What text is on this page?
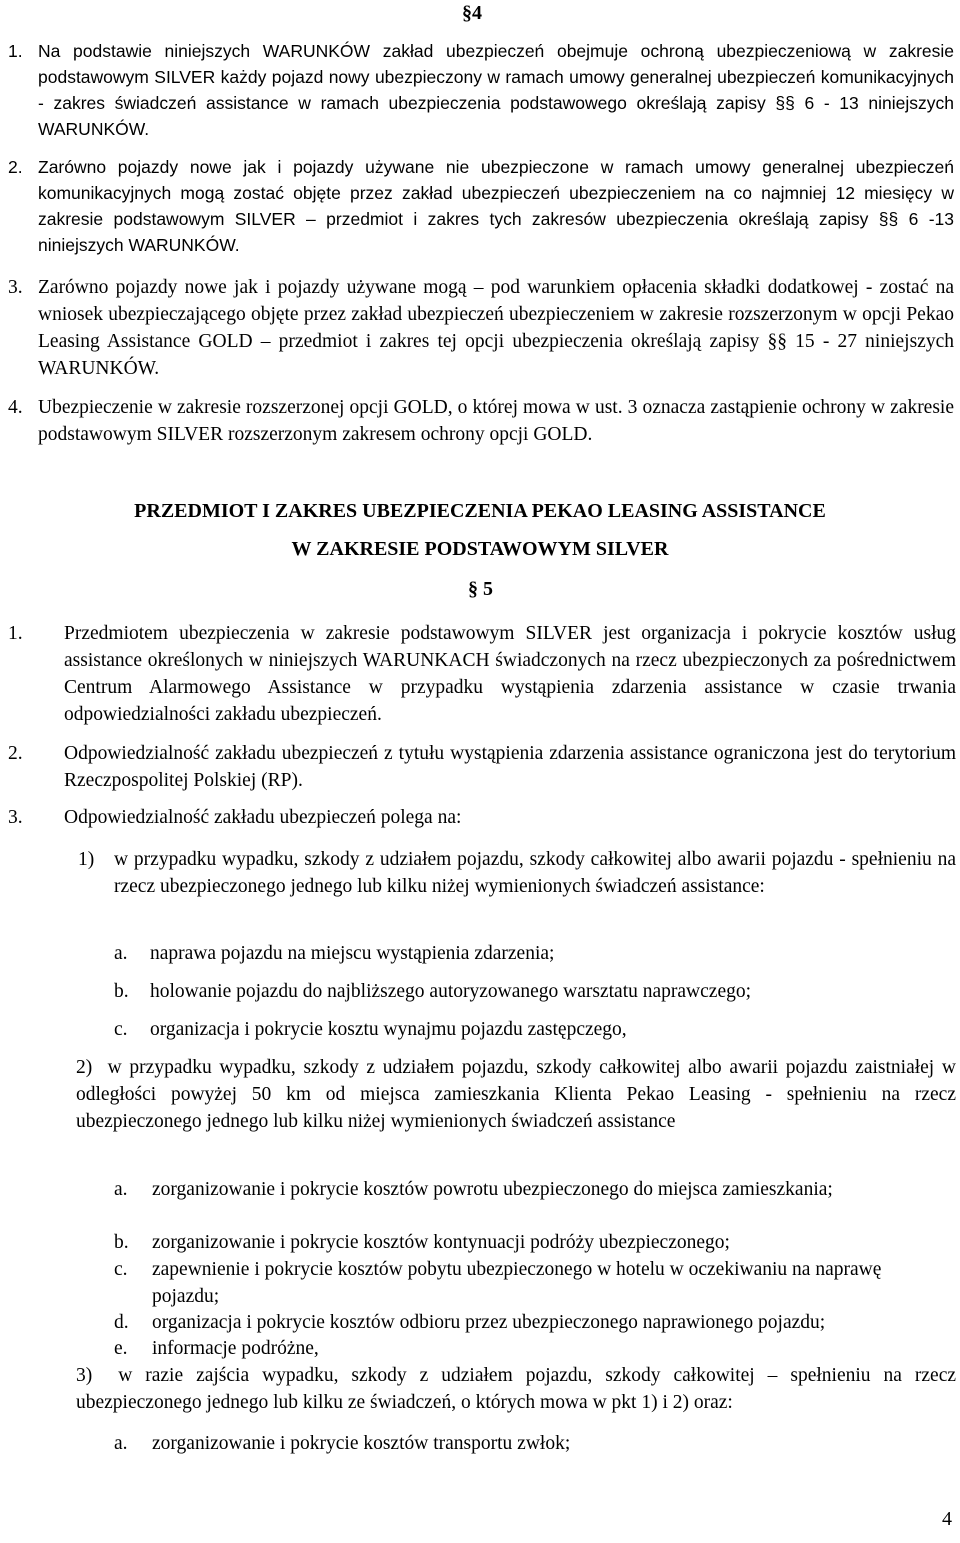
§4
1. Na podstawie niniejszych WARUNKÓW zakład ubezpieczeń obejmuje ochroną ubezpieczeniową w zakresie podstawowym SILVER każdy pojazd nowy ubezpieczony w ramach umowy generalnej ubezpieczeń komunikacyjnych - zakres świadczeń assistance w ramach ubezpieczenia podstawowego określają zapisy §§ 6 - 13 niniejszych WARUNKÓW.
2. Zarówno pojazdy nowe jak i pojazdy używane nie ubezpieczone w ramach umowy generalnej ubezpieczeń komunikacyjnych mogą zostać objęte przez zakład ubezpieczeń ubezpieczeniem na co najmniej 12 miesięcy w zakresie podstawowym SILVER – przedmiot i zakres tych zakresów ubezpieczenia określają zapisy §§ 6 -13 niniejszych WARUNKÓW.
3. Zarówno pojazdy nowe jak i pojazdy używane mogą – pod warunkiem opłacenia składki dodatkowej - zostać na wniosek ubezpieczającego objęte przez zakład ubezpieczeń ubezpieczeniem w zakresie rozszerzonym w opcji Pekao Leasing Assistance GOLD – przedmiot i zakres tej opcji ubezpieczenia określają zapisy §§ 15 - 27 niniejszych WARUNKÓW.
4. Ubezpieczenie w zakresie rozszerzonej opcji GOLD, o której mowa w ust. 3 oznacza zastąpienie ochrony w zakresie podstawowym SILVER rozszerzonym zakresem ochrony opcji GOLD.
PRZEDMIOT I ZAKRES UBEZPIECZENIA PEKAO LEASING ASSISTANCE
W ZAKRESIE PODSTAWOWYM SILVER
§ 5
1. Przedmiotem ubezpieczenia w zakresie podstawowym SILVER jest organizacja i pokrycie kosztów usług assistance określonych w niniejszych WARUNKACH świadczonych na rzecz ubezpieczonych za pośrednictwem Centrum Alarmowego Assistance w przypadku wystąpienia zdarzenia assistance w czasie trwania odpowiedzialności zakładu ubezpieczeń.
2. Odpowiedzialność zakładu ubezpieczeń z tytułu wystąpienia zdarzenia assistance ograniczona jest do terytorium Rzeczpospolitej Polskiej (RP).
3. Odpowiedzialność zakładu ubezpieczeń polega na:
1) w przypadku wypadku, szkody z udziałem pojazdu, szkody całkowitej albo awarii pojazdu - spełnieniu na rzecz ubezpieczonego jednego lub kilku niżej wymienionych świadczeń assistance:
a. naprawa pojazdu na miejscu wystąpienia zdarzenia;
b. holowanie pojazdu do najbliższego autoryzowanego warsztatu naprawczego;
c. organizacja i pokrycie kosztu wynajmu pojazdu zastępczego,
2) w przypadku wypadku, szkody z udziałem pojazdu, szkody całkowitej albo awarii pojazdu zaistniałej w odległości powyżej 50 km od miejsca zamieszkania Klienta Pekao Leasing - spełnieniu na rzecz ubezpieczonego jednego lub kilku niżej wymienionych świadczeń assistance
a. zorganizowanie i pokrycie kosztów powrotu ubezpieczonego do miejsca zamieszkania;
b. zorganizowanie i pokrycie kosztów kontynuacji podróży ubezpieczonego;
c. zapewnienie i pokrycie kosztów pobytu ubezpieczonego w hotelu w oczekiwaniu na naprawę pojazdu;
d. organizacja i pokrycie kosztów odbioru przez ubezpieczonego naprawionego pojazdu;
e. informacje podróżne,
3) w razie zajścia wypadku, szkody z udziałem pojazdu, szkody całkowitej – spełnieniu na rzecz ubezpieczonego jednego lub kilku ze świadczeń, o których mowa w pkt 1) i 2) oraz:
a. zorganizowanie i pokrycie kosztów transportu zwłok;
4
